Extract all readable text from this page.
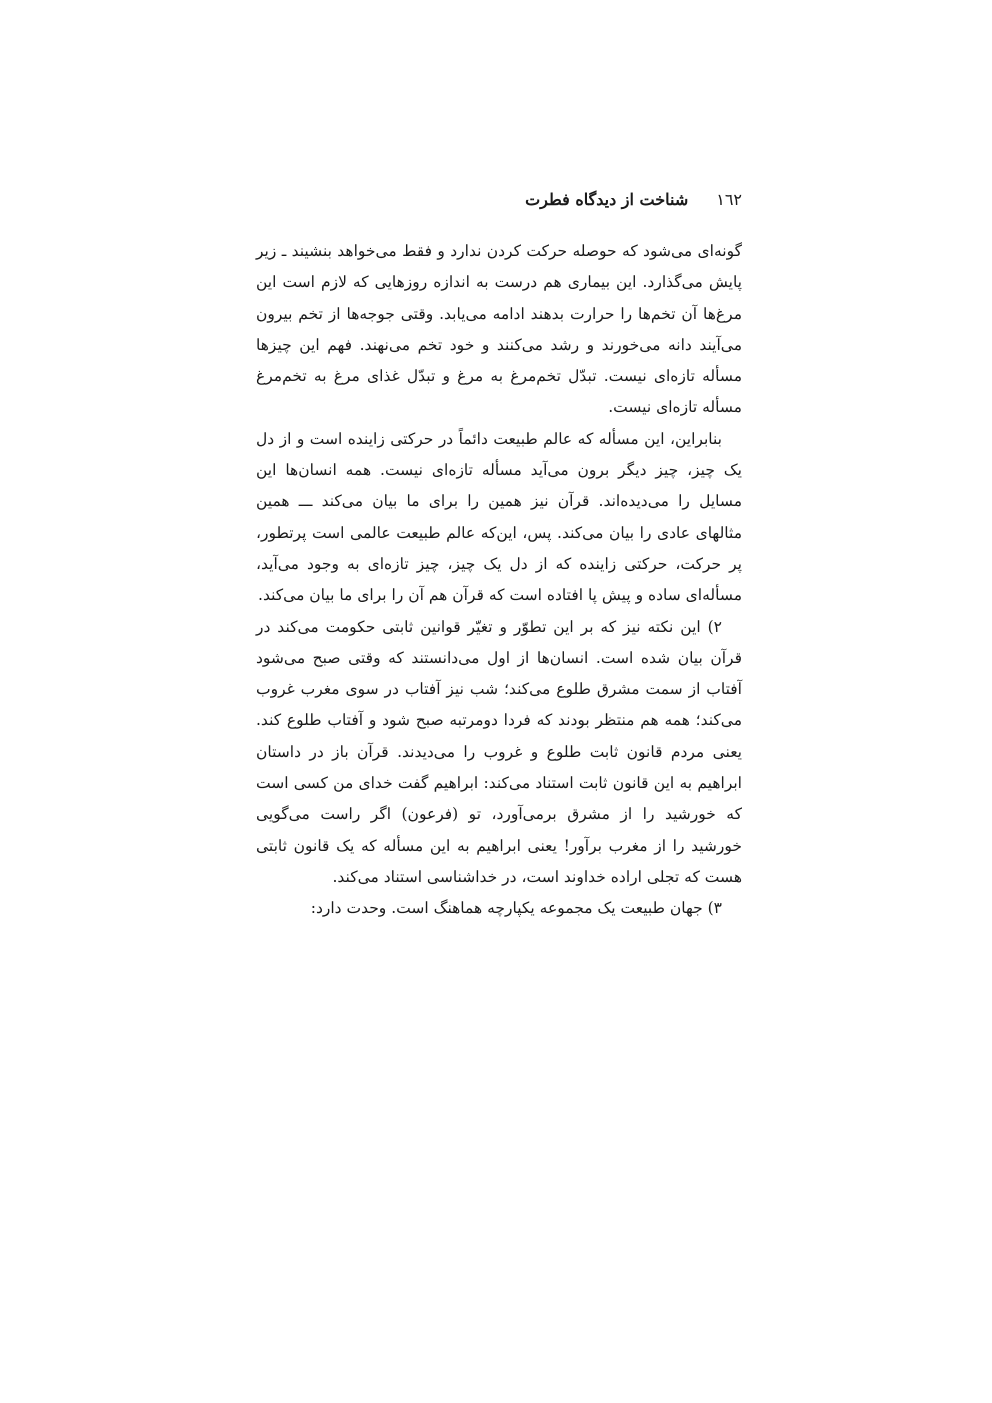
١٦٢
شناخت از دیدگاه فطرت

گونه‌ای می‌شود که حوصله حرکت کردن ندارد و فقط می‌خواهد بنشیند ـ زیر پایش می‌گذارد. این بیماری هم درست به اندازه روزهایی که لازم است این مرغ‌ها آن تخم‌ها را حرارت بدهند ادامه می‌یابد. وقتی جوجه‌ها از تخم بیرون می‌آیند دانه می‌خورند و رشد می‌کنند و خود تخم می‌نهند. فهم این چیزها مسأله تازه‌ای نیست. تبدّل تخم‌مرغ به مرغ و تبدّل غذای مرغ به تخم‌مرغ مسأله تازه‌ای نیست.

بنابراین، این مسأله که عالم طبیعت دائماً در حرکتی زاینده است و از دل یک چیز، چیز دیگر برون می‌آید مسأله تازه‌ای نیست. همه انسان‌ها این مسایل را می‌دیده‌اند. قرآن نیز همین را برای ما بیان می‌کند ـــ همین مثالهای عادی را بیان می‌کند. پس، این‌که عالم طبیعت عالمی است پرتطور، پر حرکت، حرکتی زاینده که از دل یک چیز، چیز تازه‌ای به وجود می‌آید، مسأله‌ای ساده و پیش پا افتاده است که قرآن هم آن را برای ما بیان می‌کند.

٢) این نکته نیز که بر این تطوّر و تغیّر قوانین ثابتی حکومت می‌کند در قرآن بیان شده است. انسان‌ها از اول می‌دانستند که وقتی صبح می‌شود آفتاب از سمت مشرق طلوع می‌کند؛ شب نیز آفتاب در سوی مغرب غروب می‌کند؛ همه هم منتظر بودند که فردا دومرتبه صبح شود و آفتاب طلوع کند. یعنی مردم قانون ثابت طلوع و غروب را می‌دیدند. قرآن باز در داستان ابراهیم به این قانون ثابت استناد می‌کند: ابراهیم گفت خدای من کسی است که خورشید را از مشرق برمی‌آورد، تو (فرعون) اگر راست می‌گویی خورشید را از مغرب برآور! یعنی ابراهیم به این مسأله که یک قانون ثابتی هست که تجلی اراده خداوند است، در خداشناسی استناد می‌کند.

٣) جهان طبیعت یک مجموعه یکپارچه هماهنگ است. وحدت دارد:
